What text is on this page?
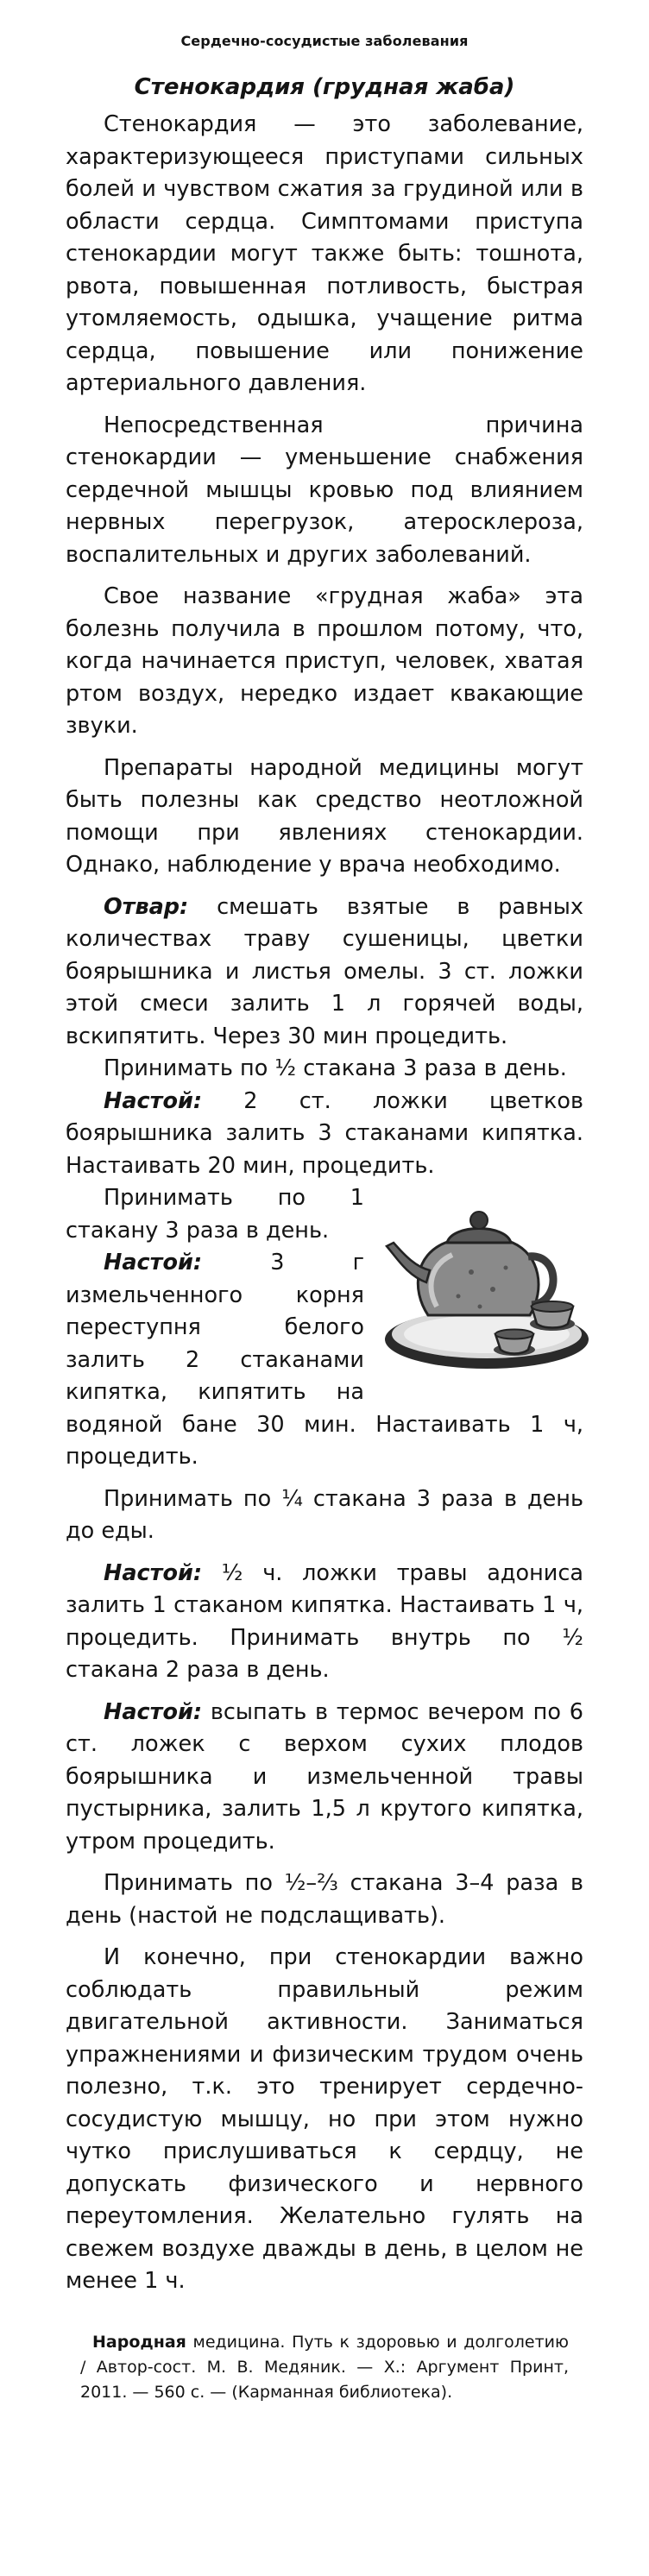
Сердечно-сосудистые заболевания
Стенокардия (грудная жаба)

Стенокардия — это заболевание, характеризующееся приступами сильных болей и чувством сжатия за грудиной или в области сердца. Симптомами приступа стенокардии могут также быть: тошнота, рвота, повышенная потливость, быстрая утомляемость, одышка, учащение ритма сердца, повышение или понижение артериального давления.

Непосредственная причина стенокардии — уменьшение снабжения сердечной мышцы кровью под влиянием нервных перегрузок, атеросклероза, воспалительных и других заболеваний.

Свое название «грудная жаба» эта болезнь получила в прошлом потому, что, когда начинается приступ, человек, хватая ртом воздух, нередко издает квакающие звуки.

Препараты народной медицины могут быть полезны как средство неотложной помощи при явлениях стенокардии. Однако, наблюдение у врача необходимо.

Отвар: смешать взятые в равных количествах траву сушеницы, цветки боярышника и листья омелы. 3 ст. ложки этой смеси залить 1 л горячей воды, вскипятить. Через 30 мин процедить.

Принимать по ½ стакана 3 раза в день.

Настой: 2 ст. ложки цветков боярышника залить 3 стаканами кипятка. Настаивать 20 мин, процедить.

Принимать по 1 стакану 3 раза в день.

Настой: 3 г измельченного корня переступня белого залить 2 стаканами кипятка, кипятить на водяной бане 30 мин. Настаивать 1 ч, процедить.

Принимать по ¼ стакана 3 раза в день до еды.

Настой: ½ ч. ложки травы адониса залить 1 стаканом кипятка. Настаивать 1 ч, процедить. Принимать внутрь по ½ стакана 2 раза в день.

Настой: всыпать в термос вечером по 6 ст. ложек с верхом сухих плодов боярышника и измельченной травы пустырника, залить 1,5 л крутого кипятка, утром процедить.

Принимать по ½–⅔ стакана 3–4 раза в день (настой не подслащивать).

И конечно, при стенокардии важно соблюдать правильный режим двигательной активности. Заниматься упражнениями и физическим трудом очень полезно, т.к. это тренирует сердечно-сосудистую мышцу, но при этом нужно чутко прислушиваться к сердцу, не допускать физического и нервного переутомления. Желательно гулять на свежем воздухе дважды в день, в целом не менее 1 ч.

Народная медицина. Путь к здоровью и долголетию / Автор-сост. М. В. Медяник. — Х.: Аргумент Принт, 2011. — 560 с. — (Карманная библиотека).
